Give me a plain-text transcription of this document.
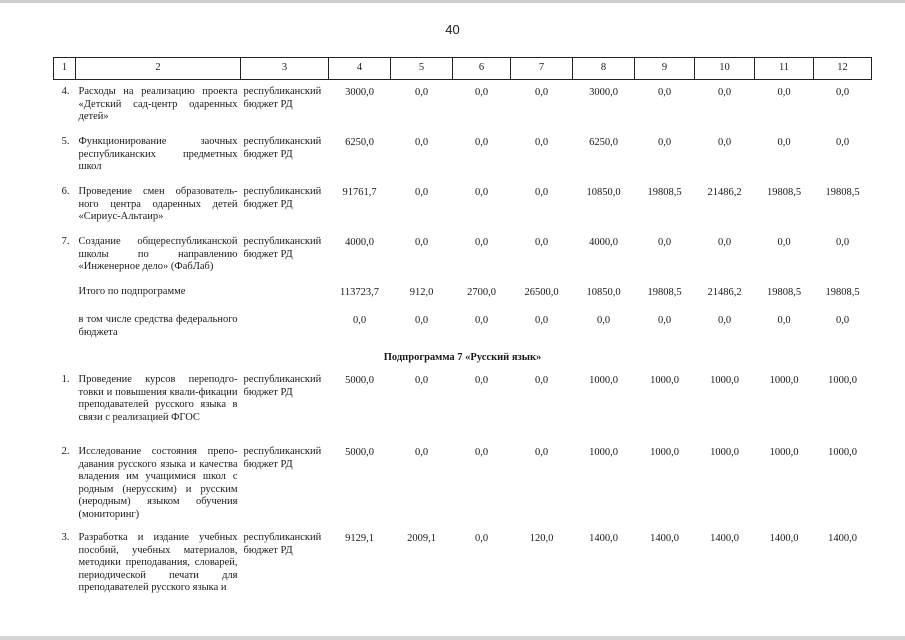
40
1	2	3	4	5	6	7	8	9	10	11	12

4.	Расходы на реализацию проекта «Детский сад-центр одаренных детей»	республиканский бюджет РД	3000,0	0,0	0,0	0,0	3000,0	0,0	0,0	0,0	0,0
5.	Функционирование заочных республиканских предметных школ	республиканский бюджет РД	6250,0	0,0	0,0	0,0	6250,0	0,0	0,0	0,0	0,0
6.	Проведение смен образователь-ного центра одаренных детей «Сириус-Альтаир»	республиканский бюджет РД	91761,7	0,0	0,0	0,0	10850,0	19808,5	21486,2	19808,5	19808,5
7.	Создание общереспубликанской школы по направлению «Инженерное дело» (ФабЛаб)	республиканский бюджет РД	4000,0	0,0	0,0	0,0	4000,0	0,0	0,0	0,0	0,0
	Итого по подпрограмме		113723,7	912,0	2700,0	26500,0	10850,0	19808,5	21486,2	19808,5	19808,5
	в том числе средства федерального бюджета		0,0	0,0	0,0	0,0	0,0	0,0	0,0	0,0	0,0
Подпрограмма 7 «Русский язык»											
1.	Проведение курсов переподго-товки и повышения квали-фикации преподавателей русского языка в связи с реализацией ФГОС	республиканский бюджет РД	5000,0	0,0	0,0	0,0	1000,0	1000,0	1000,0	1000,0	1000,0
2.	Исследование состояния препо-давания русского языка и качества владения им учащимися школ с родным (нерусским) и русским (неродным) языком обучения (мониторинг)	республиканский бюджет РД	5000,0	0,0	0,0	0,0	1000,0	1000,0	1000,0	1000,0	1000,0
3.	Разработка и издание учебных пособий, учебных материалов, методики преподавания, словарей, периодической печати для преподавателей русского языка и	республиканский бюджет РД	9129,1	2009,1	0,0	120,0	1400,0	1400,0	1400,0	1400,0	1400,0
